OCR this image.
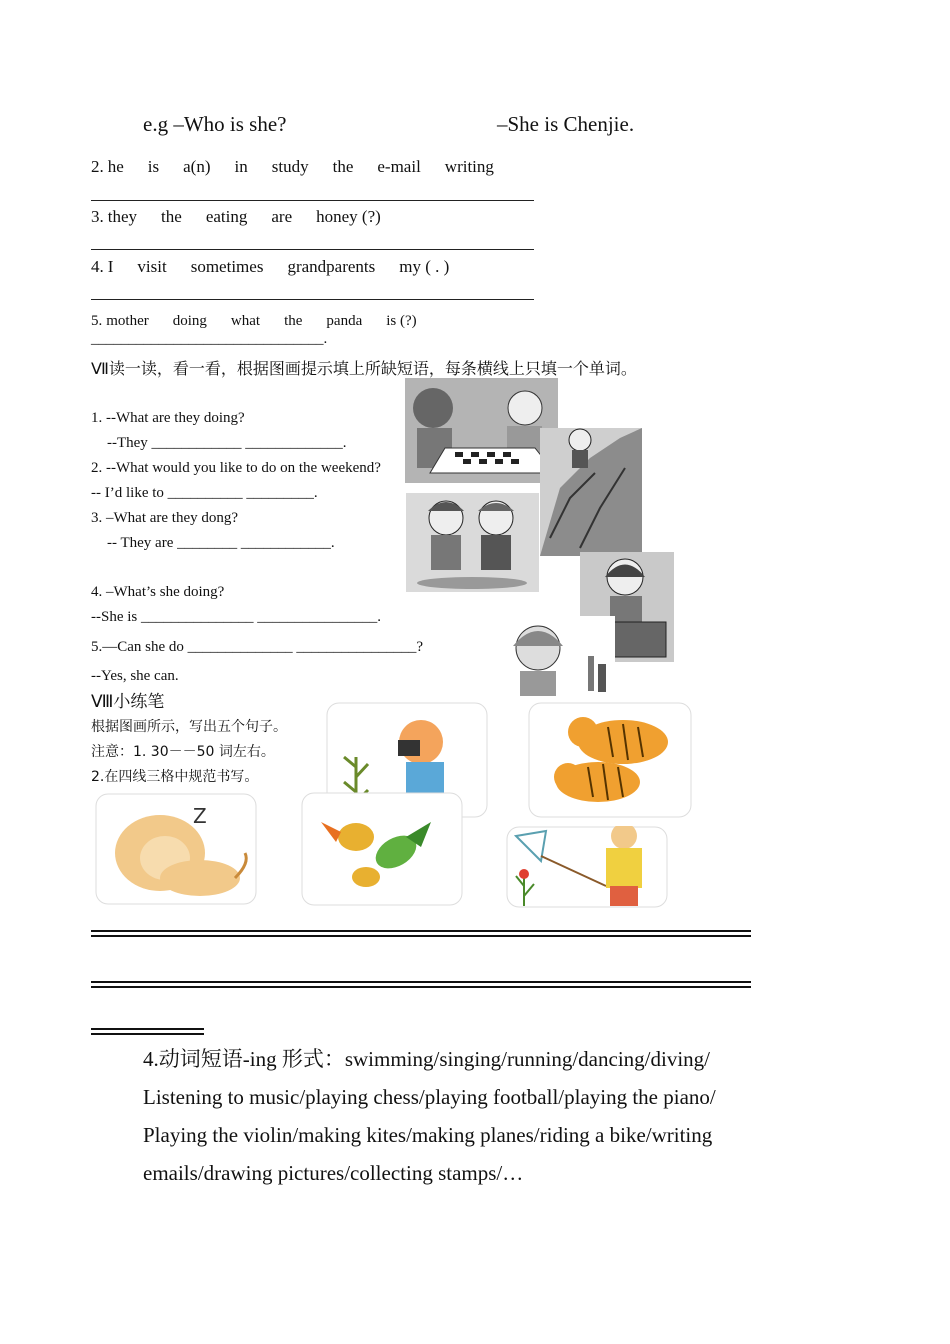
e.g –Who is she?	–She is Chenjie.
2. he is a(n) in study the e-mail writing
3. they the eating are honey (?)
4. I visit sometimes grandparents my ( . )
5. mother doing what the panda is (?)
_______________________________.
Ⅶ读一读，看一看，根据图画提示填上所缺短语，每条横线上只填一个单词。
1. --What are they doing?
--They ____________ _____________.
2. --What would you like to do on the weekend?
-- I’d like to __________ _________.
3. –What are they dong?
-- They are ________ ____________.
4. –What’s she doing?
--She is _______________ ________________.
5.—Can she do ______________ ________________?
--Yes, she can.
Ⅷ小练笔
根据图画所示，写出五个句子。
注意：1. 30－－50 词左右。
2.在四线三格中规范书写。
Z
4.动词短语-ing 形式：swimming/singing/running/dancing/diving/
Listening to music/playing chess/playing football/playing the piano/
Playing the violin/making kites/making planes/riding a bike/writing
emails/drawing pictures/collecting stamps/…
